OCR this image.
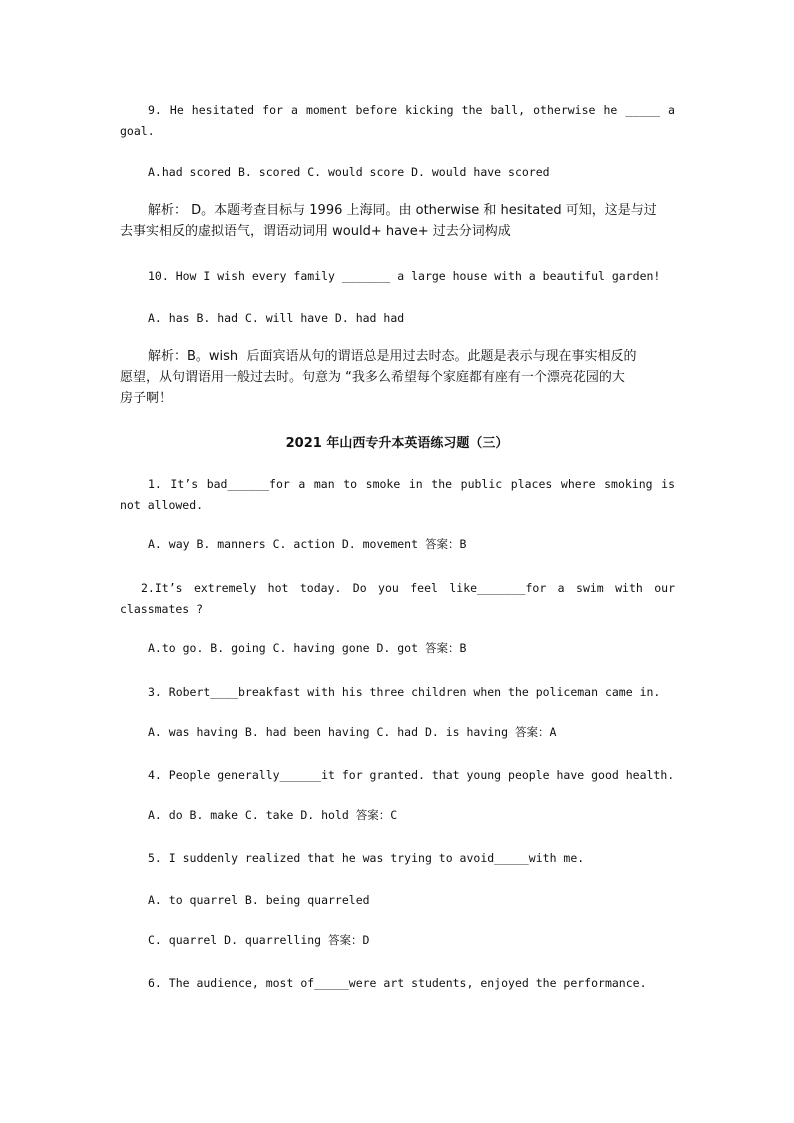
9. He hesitated for a moment before kicking the ball, otherwise he _____ a
goal.
A.had scored B. scored C. would score D. would have scored
解析： D。本题考查目标与 1996 上海同。由 otherwise 和 hesitated 可知，这是与过
去事实相反的虚拟语气，谓语动词用 would+ have+ 过去分词构成
10. How I wish every family _______ a large house with a beautiful garden!
A. has B. had C. will have D. had had
解析：B。wish  后面宾语从句的谓语总是用过去时态。此题是表示与现在事实相反的
愿望，从句谓语用一般过去时。句意为 “我多么希望每个家庭都有座有一个漂亮花园的大
房子啊！
2021 年山西专升本英语练习题（三）
1. It’s bad______for a man to smoke in the public places where smoking is
not allowed.
A. way B. manners C. action D. movement 答案：B
2.It’s extremely hot today. Do you feel like_______for a swim with our
classmates ?
A.to go. B. going C. having gone D. got 答案：B
3. Robert____breakfast with his three children when the policeman came in.
A. was having B. had been having C. had D. is having 答案：A
4. People generally______it for granted. that young people have good health.
A. do B. make C. take D. hold 答案：C
5. I suddenly realized that he was trying to avoid_____with me.
A. to quarrel B. being quarreled
C. quarrel D. quarrelling 答案：D
6. The audience, most of_____were art students, enjoyed the performance.
